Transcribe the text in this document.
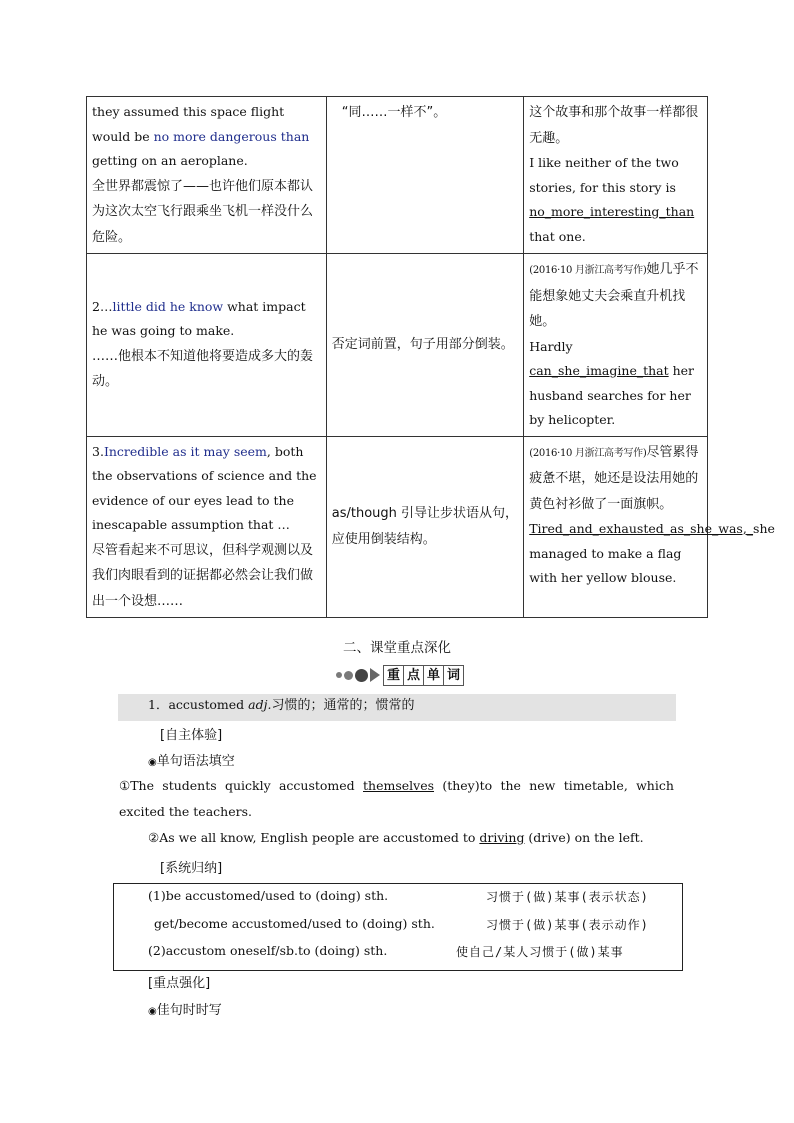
they assumed this space flight would be no more dangerous than getting on an aeroplane.
全世界都震惊了——也许他们原本都认为这次太空飞行跟乘坐飞机一样没什么危险。	“同……一样不”。	这个故事和那个故事一样都很无趣。
I like neither of the two stories, for this story is
no_more_interesting_than
that one.
2…little did he know what impact he was going to make.
……他根本不知道他将要造成多大的轰动。	否定词前置，句子用部分倒装。	(2016·10 月浙江高考写作)她几乎不能想象她丈夫会乘直升机找她。
Hardly
can_she_imagine_that her husband searches for her by helicopter.
3.Incredible as it may seem, both the observations of science and the evidence of our eyes lead to the inescapable assumption that …
尽管看起来不可思议，但科学观测以及我们肉眼看到的证据都必然会让我们做出一个设想……	as/though 引导让步状语从句，应使用倒装结构。	(2016·10 月浙江高考写作)尽管累得疲惫不堪，她还是设法用她的黄色衬衫做了一面旗帜。
Tired_and_exhausted_as_she_was,_she managed to make a flag with her yellow blouse.
二、课堂重点深化
重 点 单 词
1．accustomed adj.习惯的；通常的；惯常的
[自主体验]
◉单句语法填空
①The students quickly accustomed themselves (they)to the new timetable, which
excited the teachers.
②As we all know, English people are accustomed to driving (drive) on the left.
[系统归纳]
(1)be accustomed/used to (doing) sth.	习惯于(做)某事(表示状态)
get/become accustomed/used to (doing) sth.	习惯于(做)某事(表示动作)
(2)accustom oneself/sb.to (doing) sth.	使自己/某人习惯于(做)某事
[重点强化]
◉佳句时时写
